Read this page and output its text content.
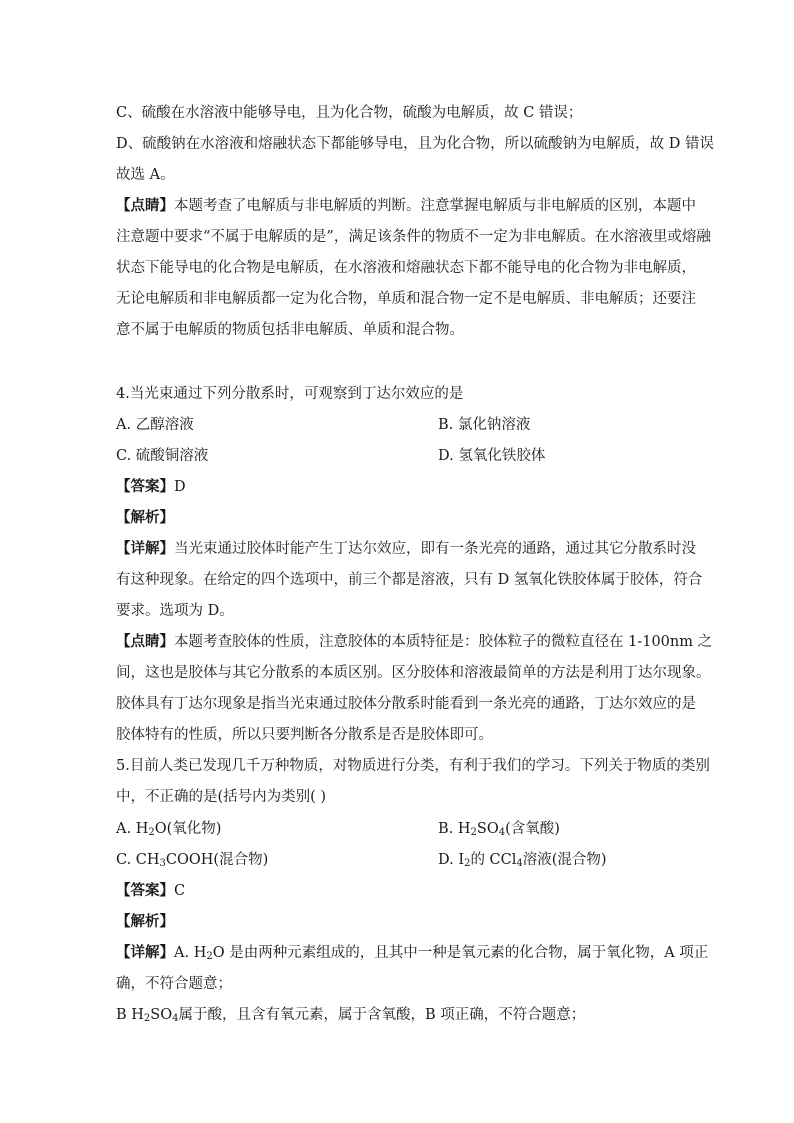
C、硫酸在水溶液中能够导电，且为化合物，硫酸为电解质，故 C 错误；
D、硫酸钠在水溶液和熔融状态下都能够导电，且为化合物，所以硫酸钠为电解质，故 D 错误
故选 A。
【点睛】本题考查了电解质与非电解质的判断。注意掌握电解质与非电解质的区别，本题中
注意题中要求“不属于电解质的是”，满足该条件的物质不一定为非电解质。在水溶液里或熔融
状态下能导电的化合物是电解质，在水溶液和熔融状态下都不能导电的化合物为非电解质，
无论电解质和非电解质都一定为化合物，单质和混合物一定不是电解质、非电解质；还要注
意不属于电解质的物质包括非电解质、单质和混合物。
4.当光束通过下列分散系时，可观察到丁达尔效应的是
A. 乙醇溶液	B. 氯化钠溶液
C. 硫酸铜溶液	D. 氢氧化铁胶体
【答案】D
【解析】
【详解】当光束通过胶体时能产生丁达尔效应，即有一条光亮的通路，通过其它分散系时没
有这种现象。在给定的四个选项中，前三个都是溶液，只有 D 氢氧化铁胶体属于胶体，符合
要求。选项为 D。
【点睛】本题考查胶体的性质，注意胶体的本质特征是：胶体粒子的微粒直径在 1-100nm 之
间，这也是胶体与其它分散系的本质区别。区分胶体和溶液最简单的方法是利用丁达尔现象。
胶体具有丁达尔现象是指当光束通过胶体分散系时能看到一条光亮的通路，丁达尔效应的是
胶体特有的性质，所以只要判断各分散系是否是胶体即可。
5.目前人类已发现几千万种物质，对物质进行分类，有利于我们的学习。下列关于物质的类别
中，不正确的是(括号内为类别( )
A. $H_2O$(氧化物)	B. $H_2SO_4$(含氧酸)
C. $CH_3COOH$(混合物)	D. $I_2$的 CCl$_4$溶液(混合物)
【答案】C
【解析】
【详解】A. $H_2O$ 是由两种元素组成的，且其中一种是氧元素的化合物，属于氧化物，A 项正
确，不符合题意；
B $H_2SO_4$属于酸，且含有氧元素，属于含氧酸，B 项正确，不符合题意；
